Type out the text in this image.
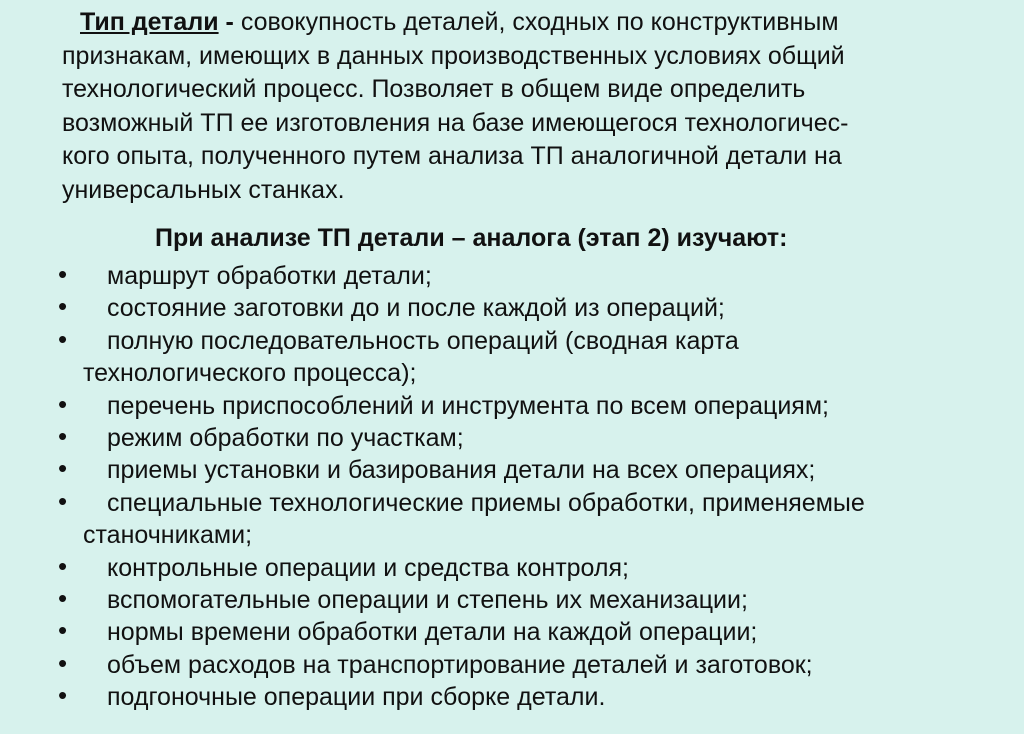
Тип детали - совокупность деталей, сходных по конструктивным
признакам, имеющих в данных производственных условиях общий
технологический процесс. Позволяет в общем виде определить
возможный ТП ее изготовления на базе имеющегося технологичес-
кого опыта, полученного путем анализа ТП аналогичной детали на
универсальных станках.
При анализе ТП детали – аналога (этап 2) изучают:
• маршрут обработки детали;
• состояние заготовки до и после каждой из операций;
• полную последовательность операций (сводная карта
технологического процесса);
• перечень приспособлений и инструмента по всем операциям;
• режим обработки по участкам;
• приемы установки и базирования детали на всех операциях;
• специальные технологические приемы обработки, применяемые
станочниками;
• контрольные операции и средства контроля;
• вспомогательные операции и степень их механизации;
• нормы времени обработки детали на каждой операции;
• объем расходов на транспортирование деталей и заготовок;
• подгоночные операции при сборке детали.
